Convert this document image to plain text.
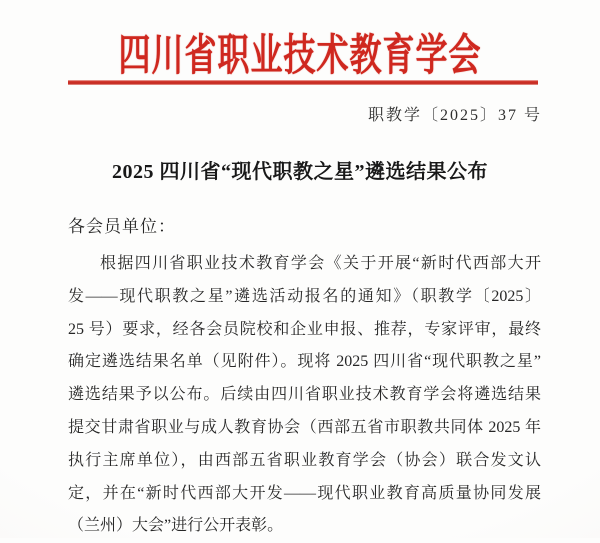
四川省职业技术教育学会
职教学〔2025〕37 号
2025 四川省“现代职教之星”遴选结果公布
各会员单位：
根据四川省职业技术教育学会《关于开展“新时代西部大开
发——现代职教之星”遴选活动报名的通知》（职教学〔2025〕
25 号）要求，经各会员院校和企业申报、推荐，专家评审，最终
确定遴选结果名单（见附件）。现将 2025 四川省“现代职教之星”
遴选结果予以公布。后续由四川省职业技术教育学会将遴选结果
提交甘肃省职业与成人教育协会（西部五省市职教共同体 2025 年
执行主席单位），由西部五省职业教育学会（协会）联合发文认
定，并在“新时代西部大开发——现代职业教育高质量协同发展
（兰州）大会”进行公开表彰。
